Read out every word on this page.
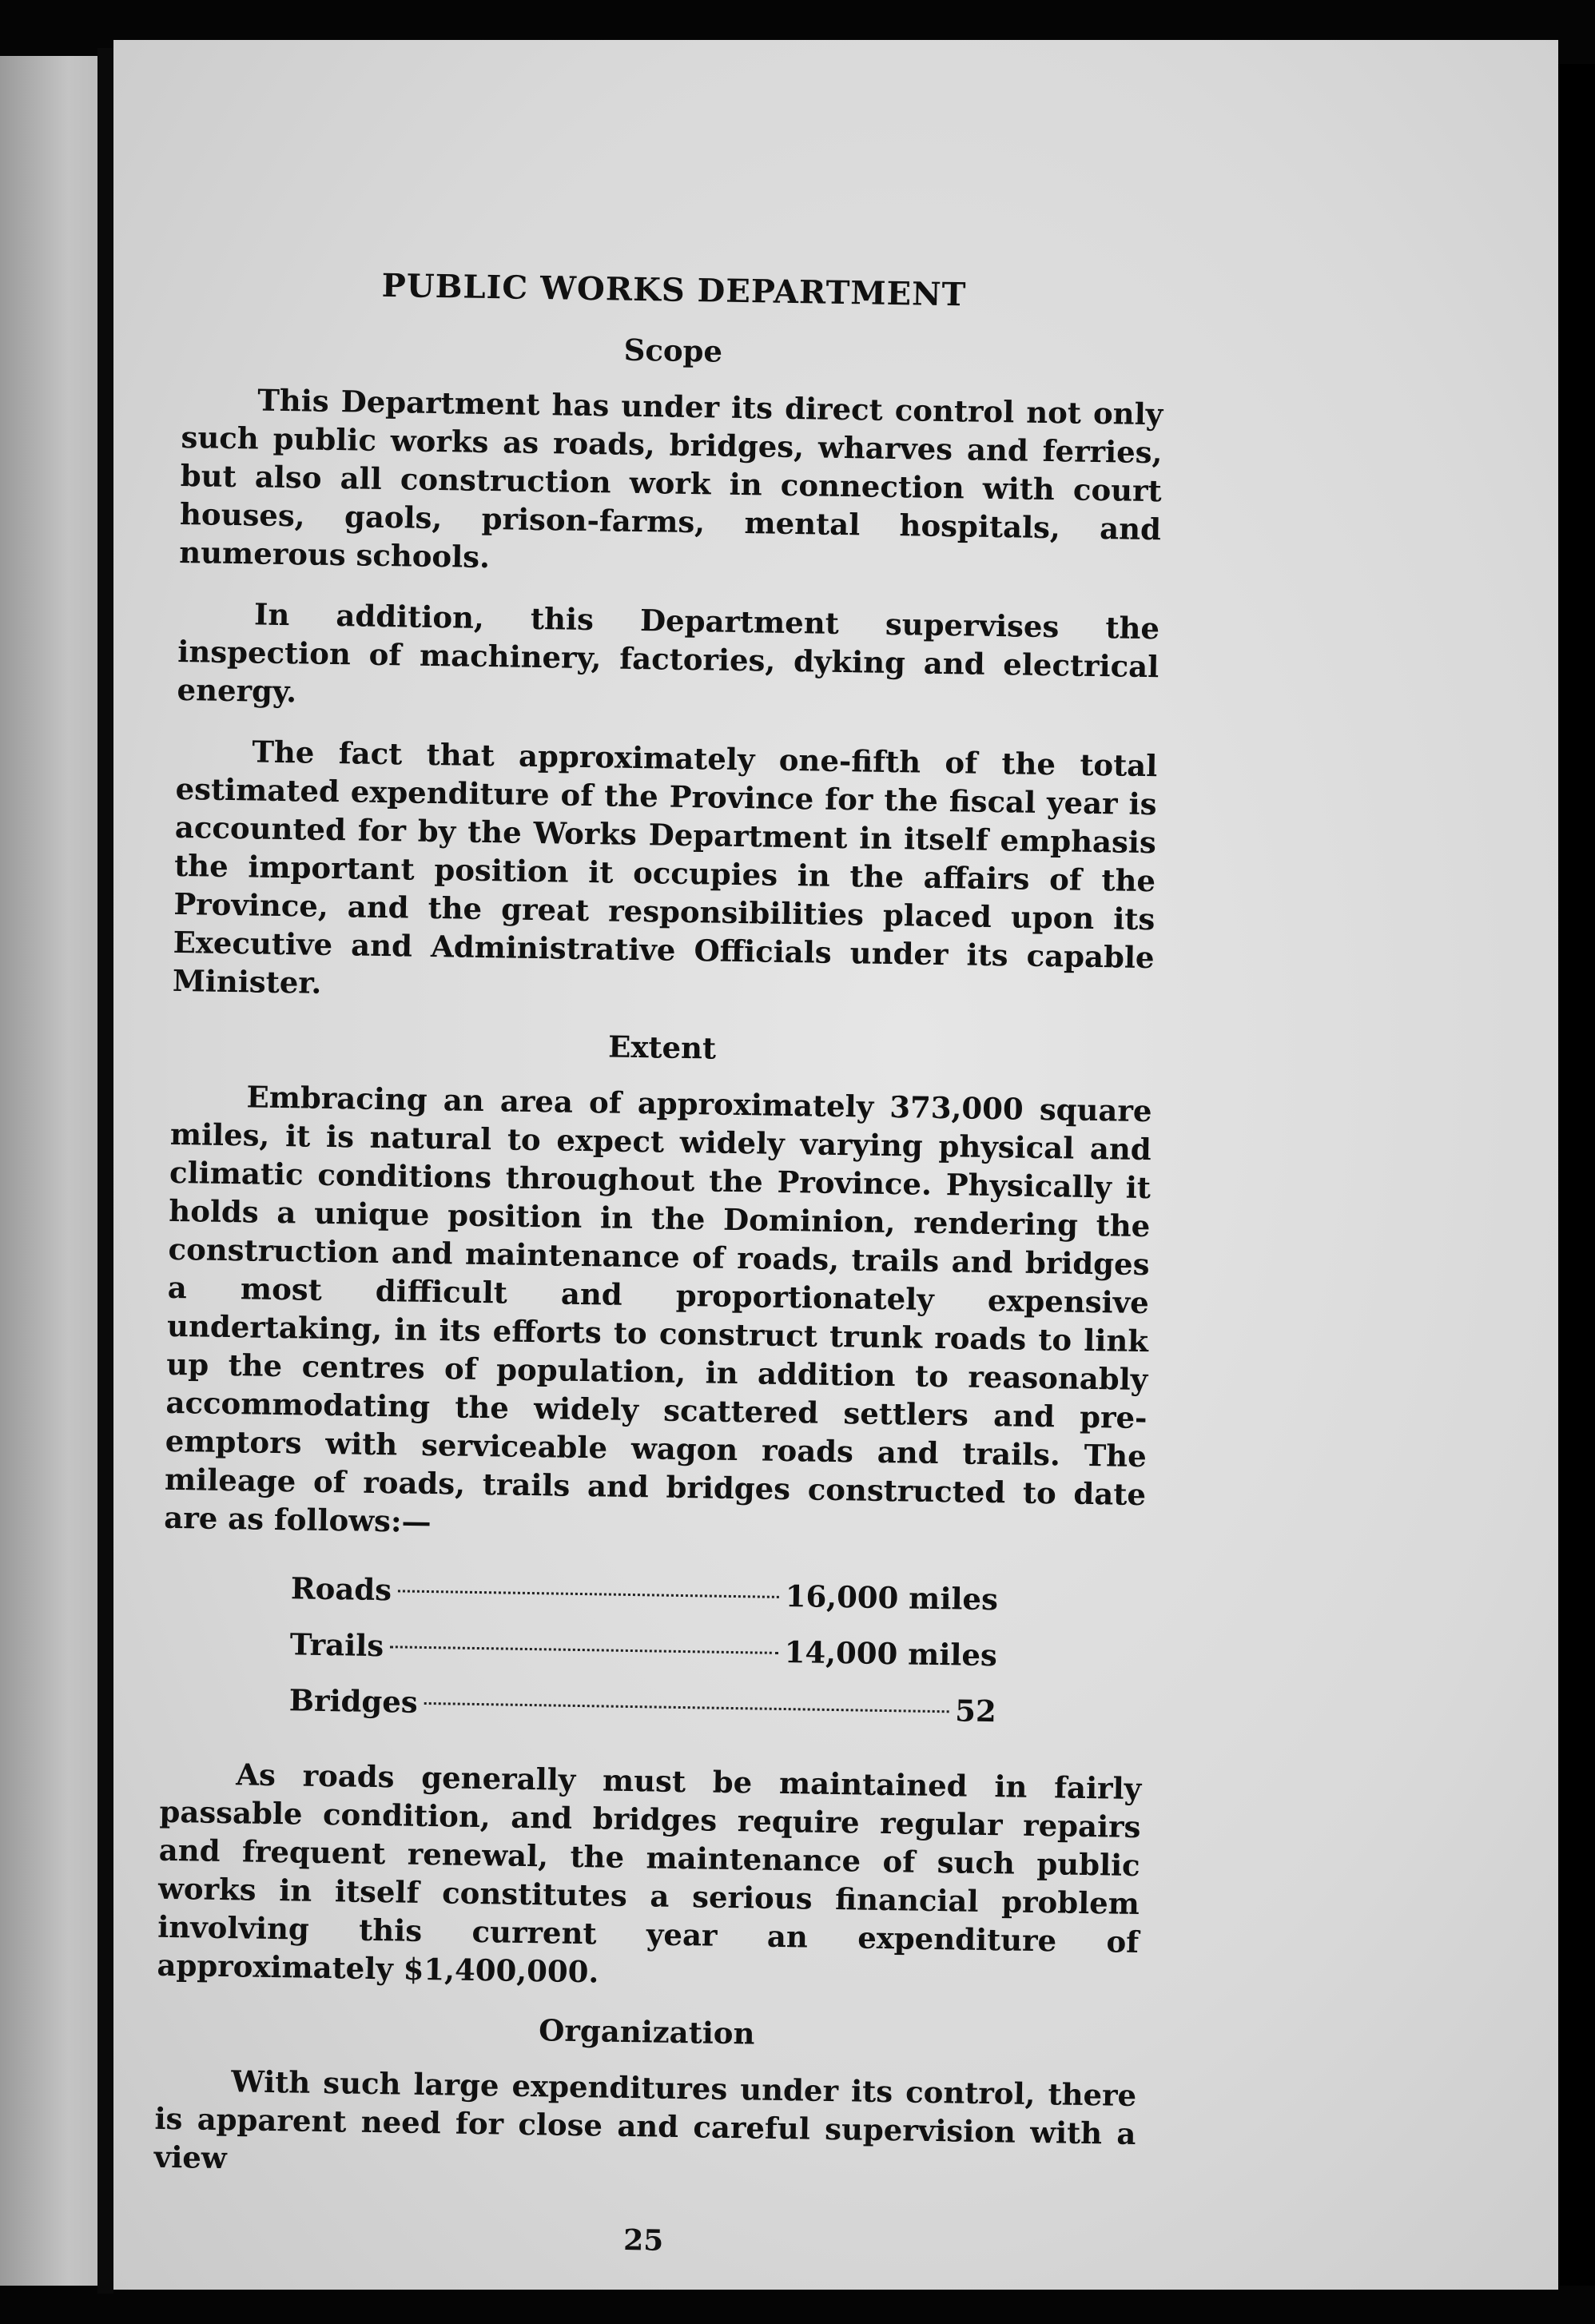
PUBLIC WORKS DEPARTMENT
Scope

This Department has under its direct control not only such public works as roads, bridges, wharves and ferries, but also all construction work in connection with court houses, gaols, prison-farms, mental hospitals, and numerous schools.

In addition, this Department supervises the inspection of machinery, factories, dyking and electrical energy.

The fact that approximately one-fifth of the total estimated expenditure of the Province for the fiscal year is accounted for by the Works Department in itself emphasis the important position it occupies in the affairs of the Province, and the great responsibilities placed upon its Executive and Administrative Officials under its capable Minister.

Extent

Embracing an area of approximately 373,000 square miles, it is natural to expect widely varying physical and climatic conditions throughout the Province. Physically it holds a unique position in the Dominion, rendering the construction and maintenance of roads, trails and bridges a most difficult and proportionately expensive undertaking, in its efforts to construct trunk roads to link up the centres of population, in addition to reasonably accommodating the widely scattered settlers and pre-emptors with serviceable wagon roads and trails. The mileage of roads, trails and bridges constructed to date are as follows:—

Roads	16,000 miles
Trails	14,000 miles
Bridges	52

As roads generally must be maintained in fairly passable condition, and bridges require regular repairs and frequent renewal, the maintenance of such public works in itself constitutes a serious financial problem involving this current year an expenditure of approximately $1,400,000.

Organization

With such large expenditures under its control, there is apparent need for close and careful supervision with a view

25
